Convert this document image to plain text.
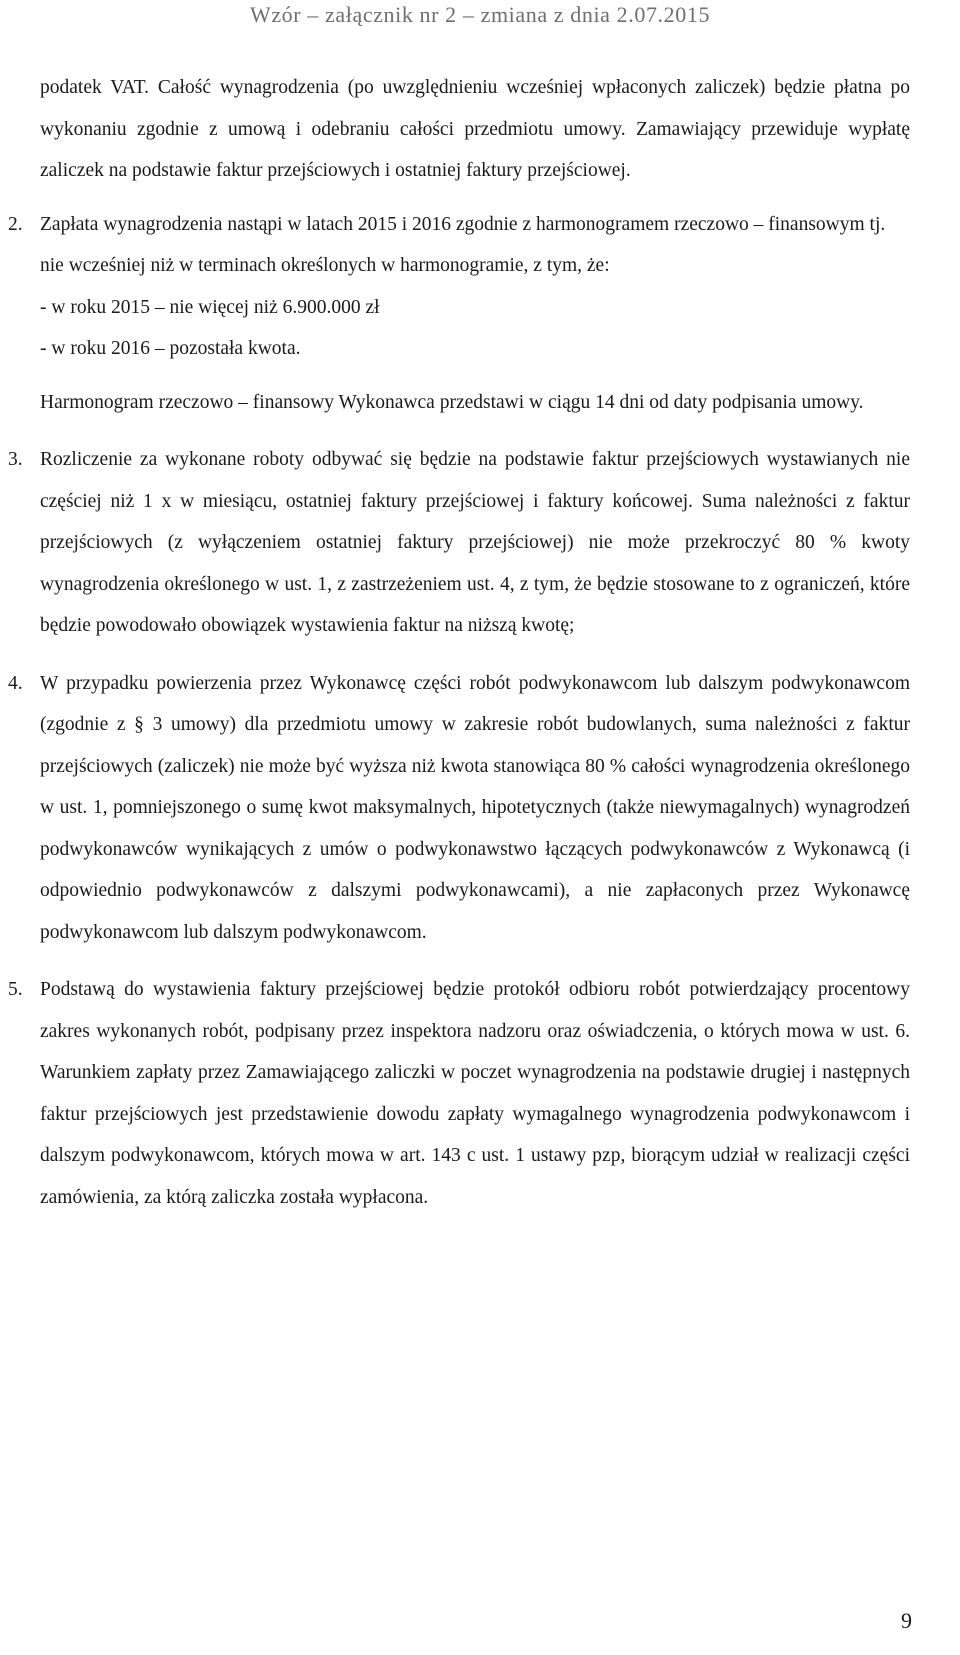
Wzór – załącznik nr 2 – zmiana z dnia 2.07.2015

podatek VAT. Całość wynagrodzenia (po uwzględnieniu wcześniej wpłaconych zaliczek) będzie płatna po wykonaniu zgodnie z umową i odebraniu całości przedmiotu umowy. Zamawiający przewiduje wypłatę zaliczek na podstawie faktur przejściowych i ostatniej faktury przejściowej.

2. Zapłata wynagrodzenia nastąpi w latach 2015 i 2016 zgodnie z harmonogramem rzeczowo – finansowym tj. nie wcześniej niż w terminach określonych w harmonogramie, z tym, że:

- w roku 2015 – nie więcej niż 6.900.000 zł

- w roku 2016 – pozostała kwota.

Harmonogram rzeczowo – finansowy Wykonawca przedstawi w ciągu 14 dni od daty podpisania umowy.

3. Rozliczenie za wykonane roboty odbywać się będzie na podstawie faktur przejściowych wystawianych nie częściej niż 1 x w miesiącu, ostatniej faktury przejściowej i faktury końcowej. Suma należności z faktur przejściowych (z wyłączeniem ostatniej faktury przejściowej) nie może przekroczyć 80 % kwoty wynagrodzenia określonego w ust. 1, z zastrzeżeniem ust. 4, z tym, że będzie stosowane to z ograniczeń, które będzie powodowało obowiązek wystawienia faktur na niższą kwotę;

4. W przypadku powierzenia przez Wykonawcę części robót podwykonawcom lub dalszym podwykonawcom (zgodnie z § 3 umowy) dla przedmiotu umowy w zakresie robót budowlanych, suma należności z faktur przejściowych (zaliczek) nie może być wyższa niż kwota stanowiąca 80 % całości wynagrodzenia określonego w ust. 1, pomniejszonego o sumę kwot maksymalnych, hipotetycznych (także niewymagalnych) wynagrodzeń podwykonawców wynikających z umów o podwykonawstwo łączących podwykonawców z Wykonawcą (i odpowiednio podwykonawców z dalszymi podwykonawcami), a nie zapłaconych przez Wykonawcę podwykonawcom lub dalszym podwykonawcom.

5. Podstawą do wystawienia faktury przejściowej będzie protokół odbioru robót potwierdzający procentowy zakres wykonanych robót, podpisany przez inspektora nadzoru oraz oświadczenia, o których mowa w ust. 6. Warunkiem zapłaty przez Zamawiającego zaliczki w poczet wynagrodzenia na podstawie drugiej i następnych faktur przejściowych jest przedstawienie dowodu zapłaty wymagalnego wynagrodzenia podwykonawcom i dalszym podwykonawcom, których mowa w art. 143 c ust. 1 ustawy pzp, biorącym udział w realizacji części zamówienia, za którą zaliczka została wypłacona.

9
